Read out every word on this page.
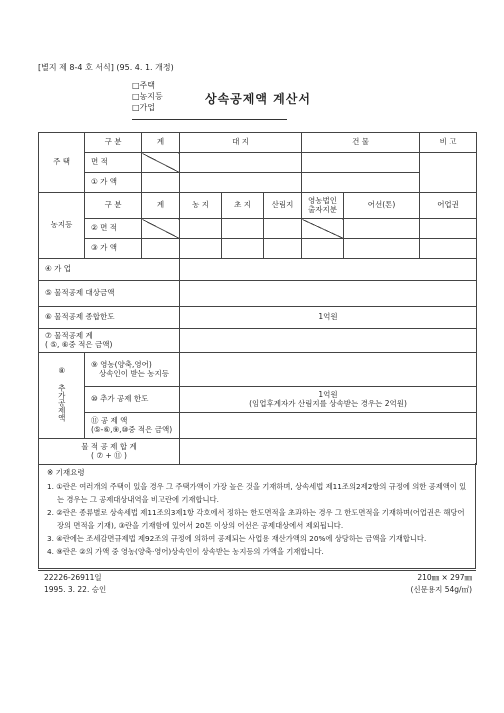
[별지 제 8-4 호 서식] (95. 4. 1. 개정)
□주택
□농지등
□가업
상속공제액 계산서
주 택	구 분	계	대 지			건 물		비 고
	면 적							
	① 가 액							
농지등	구 분	계	농 지	초 지	산림지	영농법인 출자지분	어선(톤)	어업권
	② 면 적							
	③ 가 액							
④ 가 업								
⑤ 물적공제 대상금액								
⑥ 물적공제 종합한도			1억원					

⑦ 물적공제 계
( ⑤, ⑥중 적은 금액)								

⑧ 추가공제액	⑨ 영농(양축,영어)
상속인이 받는 농지등							

	⑩ 추가 공제 한도		1억원
(임업후계자가 산림지를 상속받는 경우는 2억원)					

	⑪ 공 제 액
(⑤-⑥,⑨,⑩중 적은 금액)							

물 적 공 제 합 계
( ⑦ + ⑪ )								

※ 기재요령
1. ①란은 여러개의 주택이 있을 경우 그 주택가액이 가장 높은 것을 기재하며, 상속세법 제11조의2제2항의 규정에 의한 공제액이 있는 경우는 그 공제대상내역을 비고란에 기재합니다.
2. ②란은 종류별로 상속세법 제11조의3제1항 각호에서 정하는 한도면적을 초과하는 경우 그 한도면적을 기재하며(어업권은 해당어장의 면적을 기재), ③란을 기재함에 있어서 20톤 이상의 어선은 공제대상에서 제외됩니다.
3. ④란에는 조세감면규제법 제92조의 규정에 의하여 공제되는 사업용 재산가액의 20%에 상당하는 금액을 기재합니다.
4. ⑨란은 ②의 가액 중 영농(양축·영어)상속인이 상속받는 농지등의 가액을 기재합니다.
22226-26911일
1995. 3. 22. 승인
210㎜ × 297㎜
(신문용지 54g/㎡)
